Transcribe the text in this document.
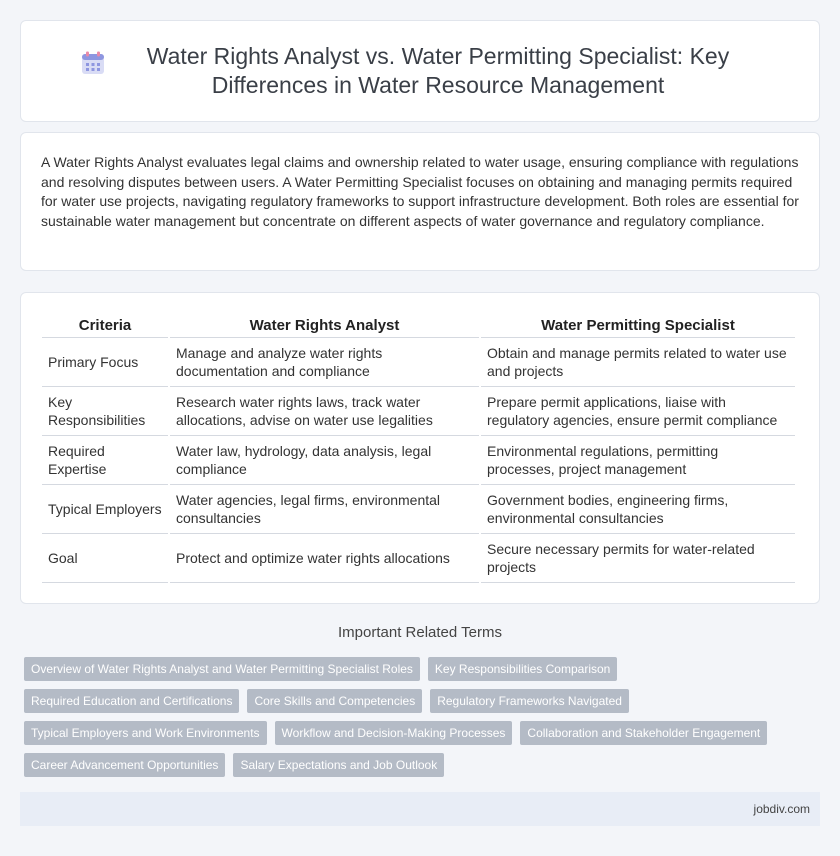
Water Rights Analyst vs. Water Permitting Specialist: Key Differences in Water Resource Management

A Water Rights Analyst evaluates legal claims and ownership related to water usage, ensuring compliance with regulations and resolving disputes between users. A Water Permitting Specialist focuses on obtaining and managing permits required for water use projects, navigating regulatory frameworks to support infrastructure development. Both roles are essential for sustainable water management but concentrate on different aspects of water governance and regulatory compliance.

Criteria	Water Rights Analyst	Water Permitting Specialist
Primary Focus	Manage and analyze water rights documentation and compliance	Obtain and manage permits related to water use and projects
Key Responsibilities	Research water rights laws, track water allocations, advise on water use legalities	Prepare permit applications, liaise with regulatory agencies, ensure permit compliance
Required Expertise	Water law, hydrology, data analysis, legal compliance	Environmental regulations, permitting processes, project management
Typical Employers	Water agencies, legal firms, environmental consultancies	Government bodies, engineering firms, environmental consultancies
Goal	Protect and optimize water rights allocations	Secure necessary permits for water-related projects
Important Related Terms
Overview of Water Rights Analyst and Water Permitting Specialist Roles	Key Responsibilities Comparison
Required Education and Certifications	Core Skills and Competencies	Regulatory Frameworks Navigated
Typical Employers and Work Environments	Workflow and Decision-Making Processes	Collaboration and Stakeholder Engagement
Career Advancement Opportunities	Salary Expectations and Job Outlook
jobdiv.com
